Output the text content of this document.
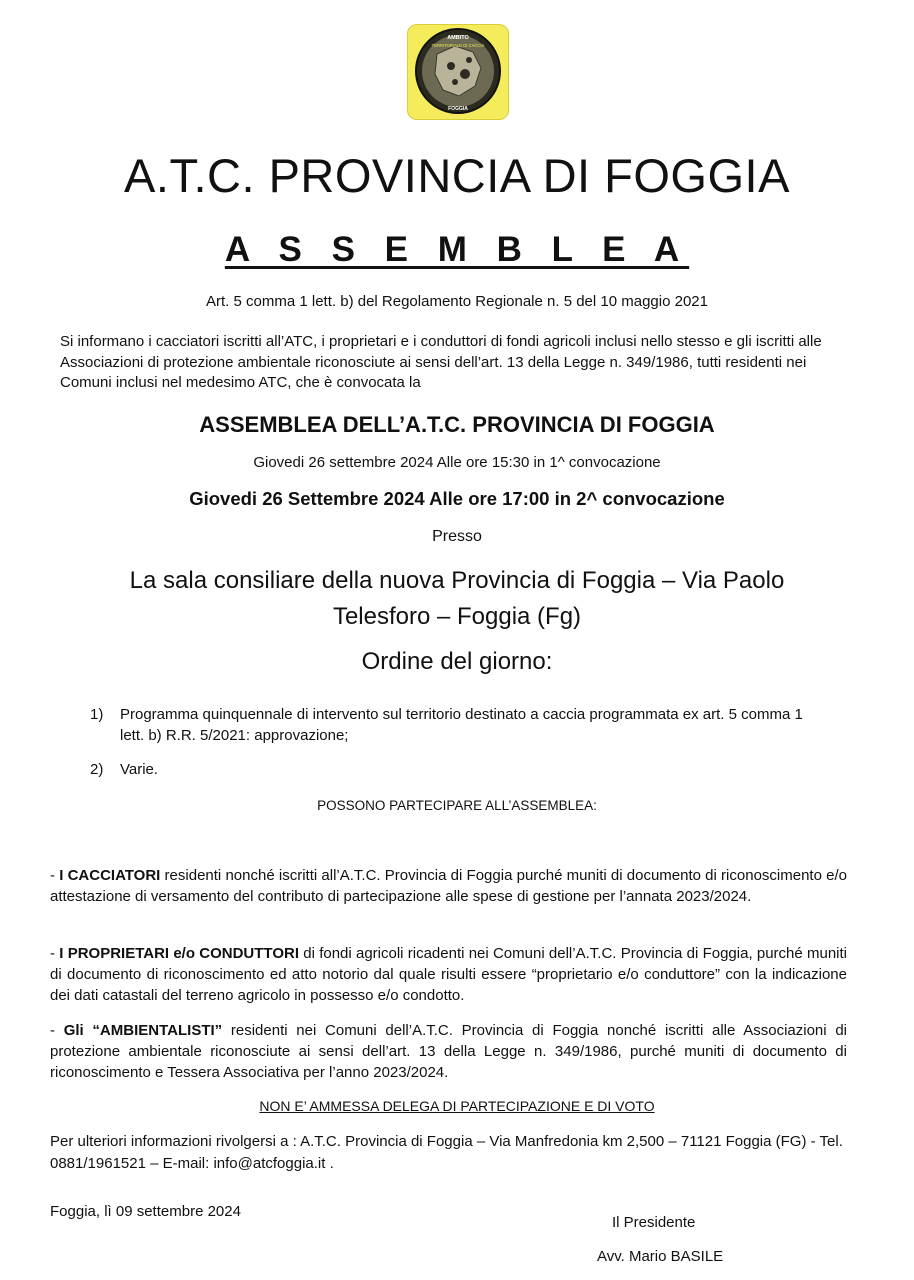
AMBITO
TERRITORIALE DI CACCIA
FOGGIA
A.T.C. PROVINCIA DI FOGGIA
A S S E M B L E A
Art. 5 comma 1 lett. b) del Regolamento Regionale n. 5 del 10 maggio 2021
Si informano i cacciatori iscritti all’ATC, i proprietari e i conduttori di fondi agricoli inclusi nello stesso e gli iscritti alle Associazioni di protezione ambientale riconosciute ai sensi dell’art. 13 della Legge n. 349/1986, tutti residenti nei Comuni inclusi nel medesimo ATC, che è convocata la
ASSEMBLEA DELL’A.T.C. PROVINCIA DI FOGGIA
Giovedi 26 settembre 2024 Alle ore 15:30 in 1^ convocazione
Giovedi 26 Settembre 2024 Alle ore 17:00 in 2^ convocazione
Presso
La sala consiliare della nuova Provincia di Foggia – Via Paolo
Telesforo – Foggia (Fg)
Ordine del giorno:
1) Programma quinquennale di intervento sul territorio destinato a caccia programmata ex art. 5 comma 1 lett. b) R.R. 5/2021: approvazione;
2) Varie.
POSSONO PARTECIPARE ALL’ASSEMBLEA:
- I CACCIATORI residenti nonché iscritti all’A.T.C. Provincia di Foggia purché muniti di documento di riconoscimento e/o attestazione di versamento del contributo di partecipazione alle spese di gestione per l’annata 2023/2024.
- I PROPRIETARI e/o CONDUTTORI di fondi agricoli ricadenti nei Comuni dell’A.T.C. Provincia di Foggia, purché muniti di documento di riconoscimento ed atto notorio dal quale risulti essere “proprietario e/o conduttore” con la indicazione dei dati catastali del terreno agricolo in possesso e/o condotto.
- Gli “AMBIENTALISTI” residenti nei Comuni dell’A.T.C. Provincia di Foggia nonché iscritti alle Associazioni di protezione ambientale riconosciute ai sensi dell’art. 13 della Legge n. 349/1986, purché muniti di documento di riconoscimento e Tessera Associativa per l’anno 2023/2024.
NON E’ AMMESSA DELEGA DI PARTECIPAZIONE E DI VOTO
Per ulteriori informazioni rivolgersi a : A.T.C. Provincia di Foggia – Via Manfredonia km 2,500 – 71121 Foggia (FG) - Tel. 0881/1961521 – E-mail: info@atcfoggia.it .
Foggia, lì 09 settembre 2024
Il Presidente
Avv. Mario BASILE
